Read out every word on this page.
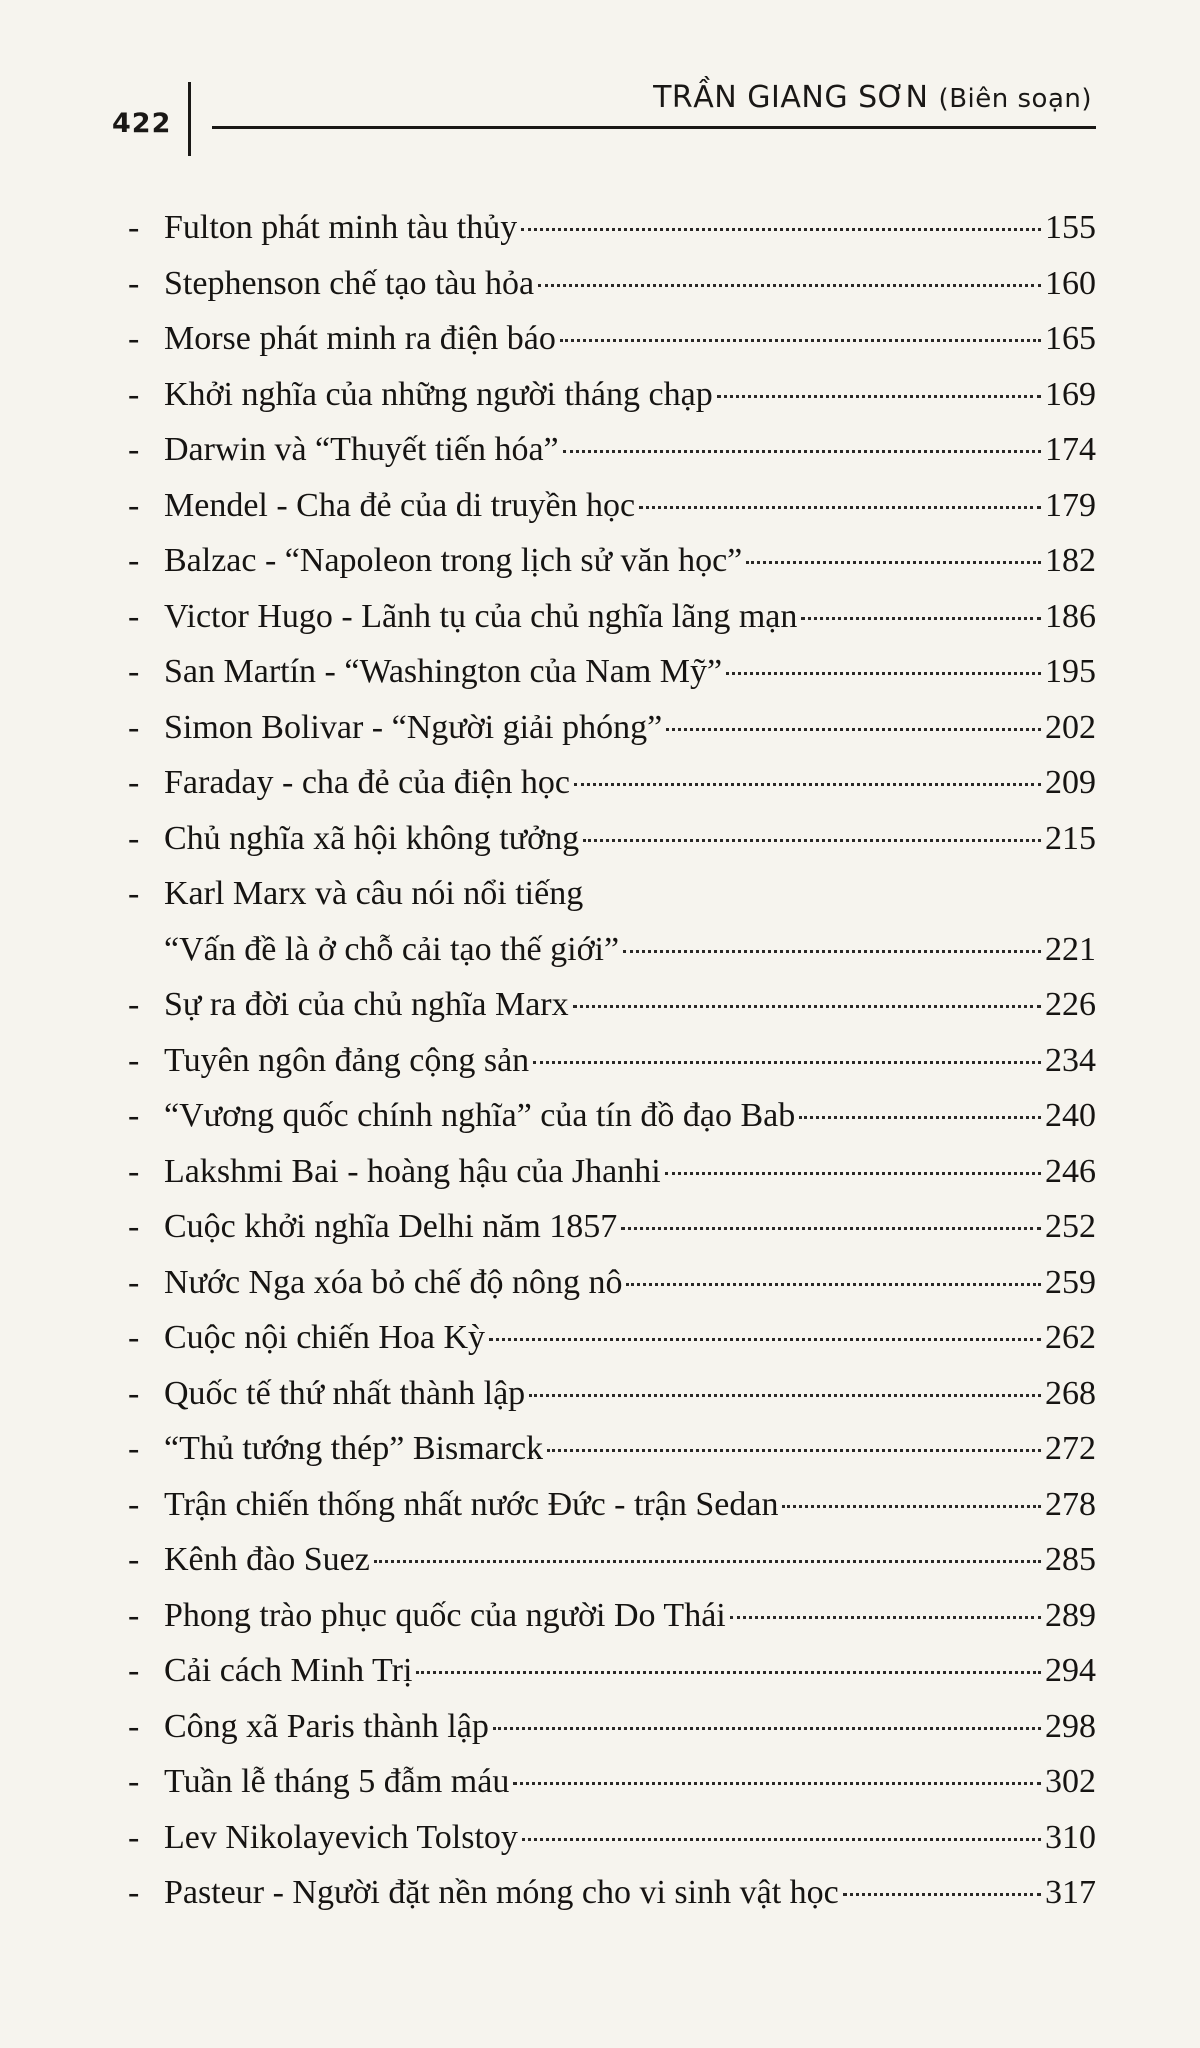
422
TRẦN GIANG SƠN (Biên soạn)
- Fulton phát minh tàu thủy	155
- Stephenson chế tạo tàu hỏa	160
- Morse phát minh ra điện báo	165
- Khởi nghĩa của những người tháng chạp	169
- Darwin và “Thuyết tiến hóa”	174
- Mendel - Cha đẻ của di truyền học	179
- Balzac - “Napoleon trong lịch sử văn học”	182
- Victor Hugo - Lãnh tụ của chủ nghĩa lãng mạn	186
- San Martín - “Washington của Nam Mỹ”	195
- Simon Bolivar - “Người giải phóng”	202
- Faraday - cha đẻ của điện học	209
- Chủ nghĩa xã hội không tưởng	215
- Karl Marx và câu nói nổi tiếng
“Vấn đề là ở chỗ cải tạo thế giới”	221
- Sự ra đời của chủ nghĩa Marx	226
- Tuyên ngôn đảng cộng sản	234
- “Vương quốc chính nghĩa” của tín đồ đạo Bab	240
- Lakshmi Bai - hoàng hậu của Jhanhi	246
- Cuộc khởi nghĩa Delhi năm 1857	252
- Nước Nga xóa bỏ chế độ nông nô	259
- Cuộc nội chiến Hoa Kỳ	262
- Quốc tế thứ nhất thành lập	268
- “Thủ tướng thép” Bismarck	272
- Trận chiến thống nhất nước Đức - trận Sedan	278
- Kênh đào Suez	285
- Phong trào phục quốc của người Do Thái	289
- Cải cách Minh Trị	294
- Công xã Paris thành lập	298
- Tuần lễ tháng 5 đẫm máu	302
- Lev Nikolayevich Tolstoy	310
- Pasteur - Người đặt nền móng cho vi sinh vật học	317
